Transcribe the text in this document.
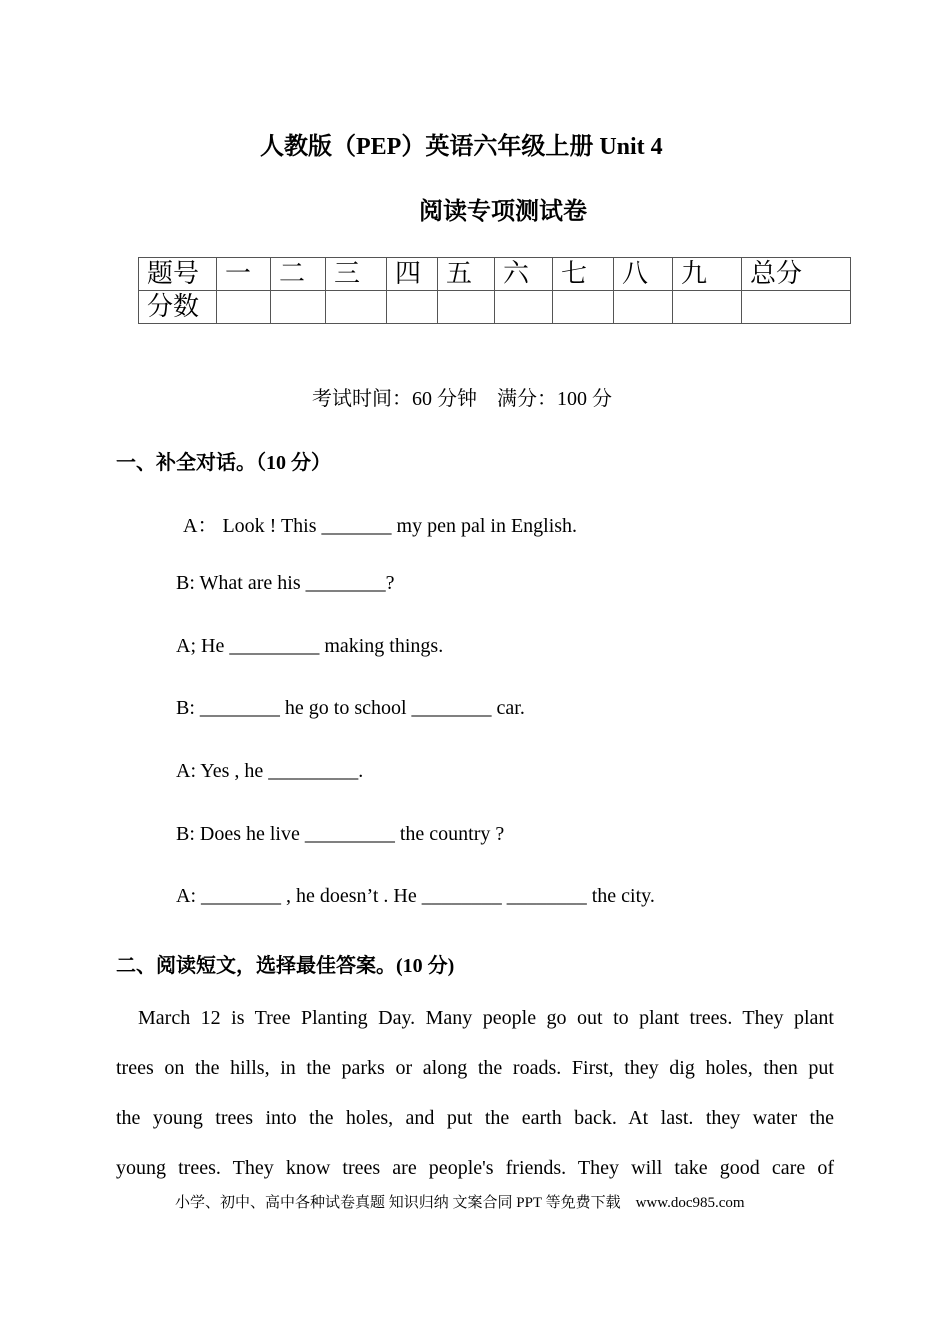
人教版（PEP）英语六年级上册 Unit 4
阅读专项测试卷
题号	一	二	三	四	五	六	七	八	九	总分
分数										
考试时间：60 分钟　满分：100 分
一、补全对话。（10 分）
A： Look ! This _______ my pen pal in English.
B: What are his ________?
A; He _________ making things.
B: ________ he go to school ________ car.
A: Yes , he _________.
B: Does he live _________ the country ?
A: ________ , he doesn’t . He ________ ________ the city.
二、阅读短文，选择最佳答案。(10 分)
March 12 is Tree Planting Day. Many people go out to plant trees. They plant
trees on the hills, in the parks or along the roads. First, they dig holes, then put
the young trees into the holes, and put the earth back. At last. they water the
young trees. They know trees are people's friends. They will take good care of
小学、初中、高中各种试卷真题 知识归纳 文案合同 PPT 等免费下载　www.doc985.com
